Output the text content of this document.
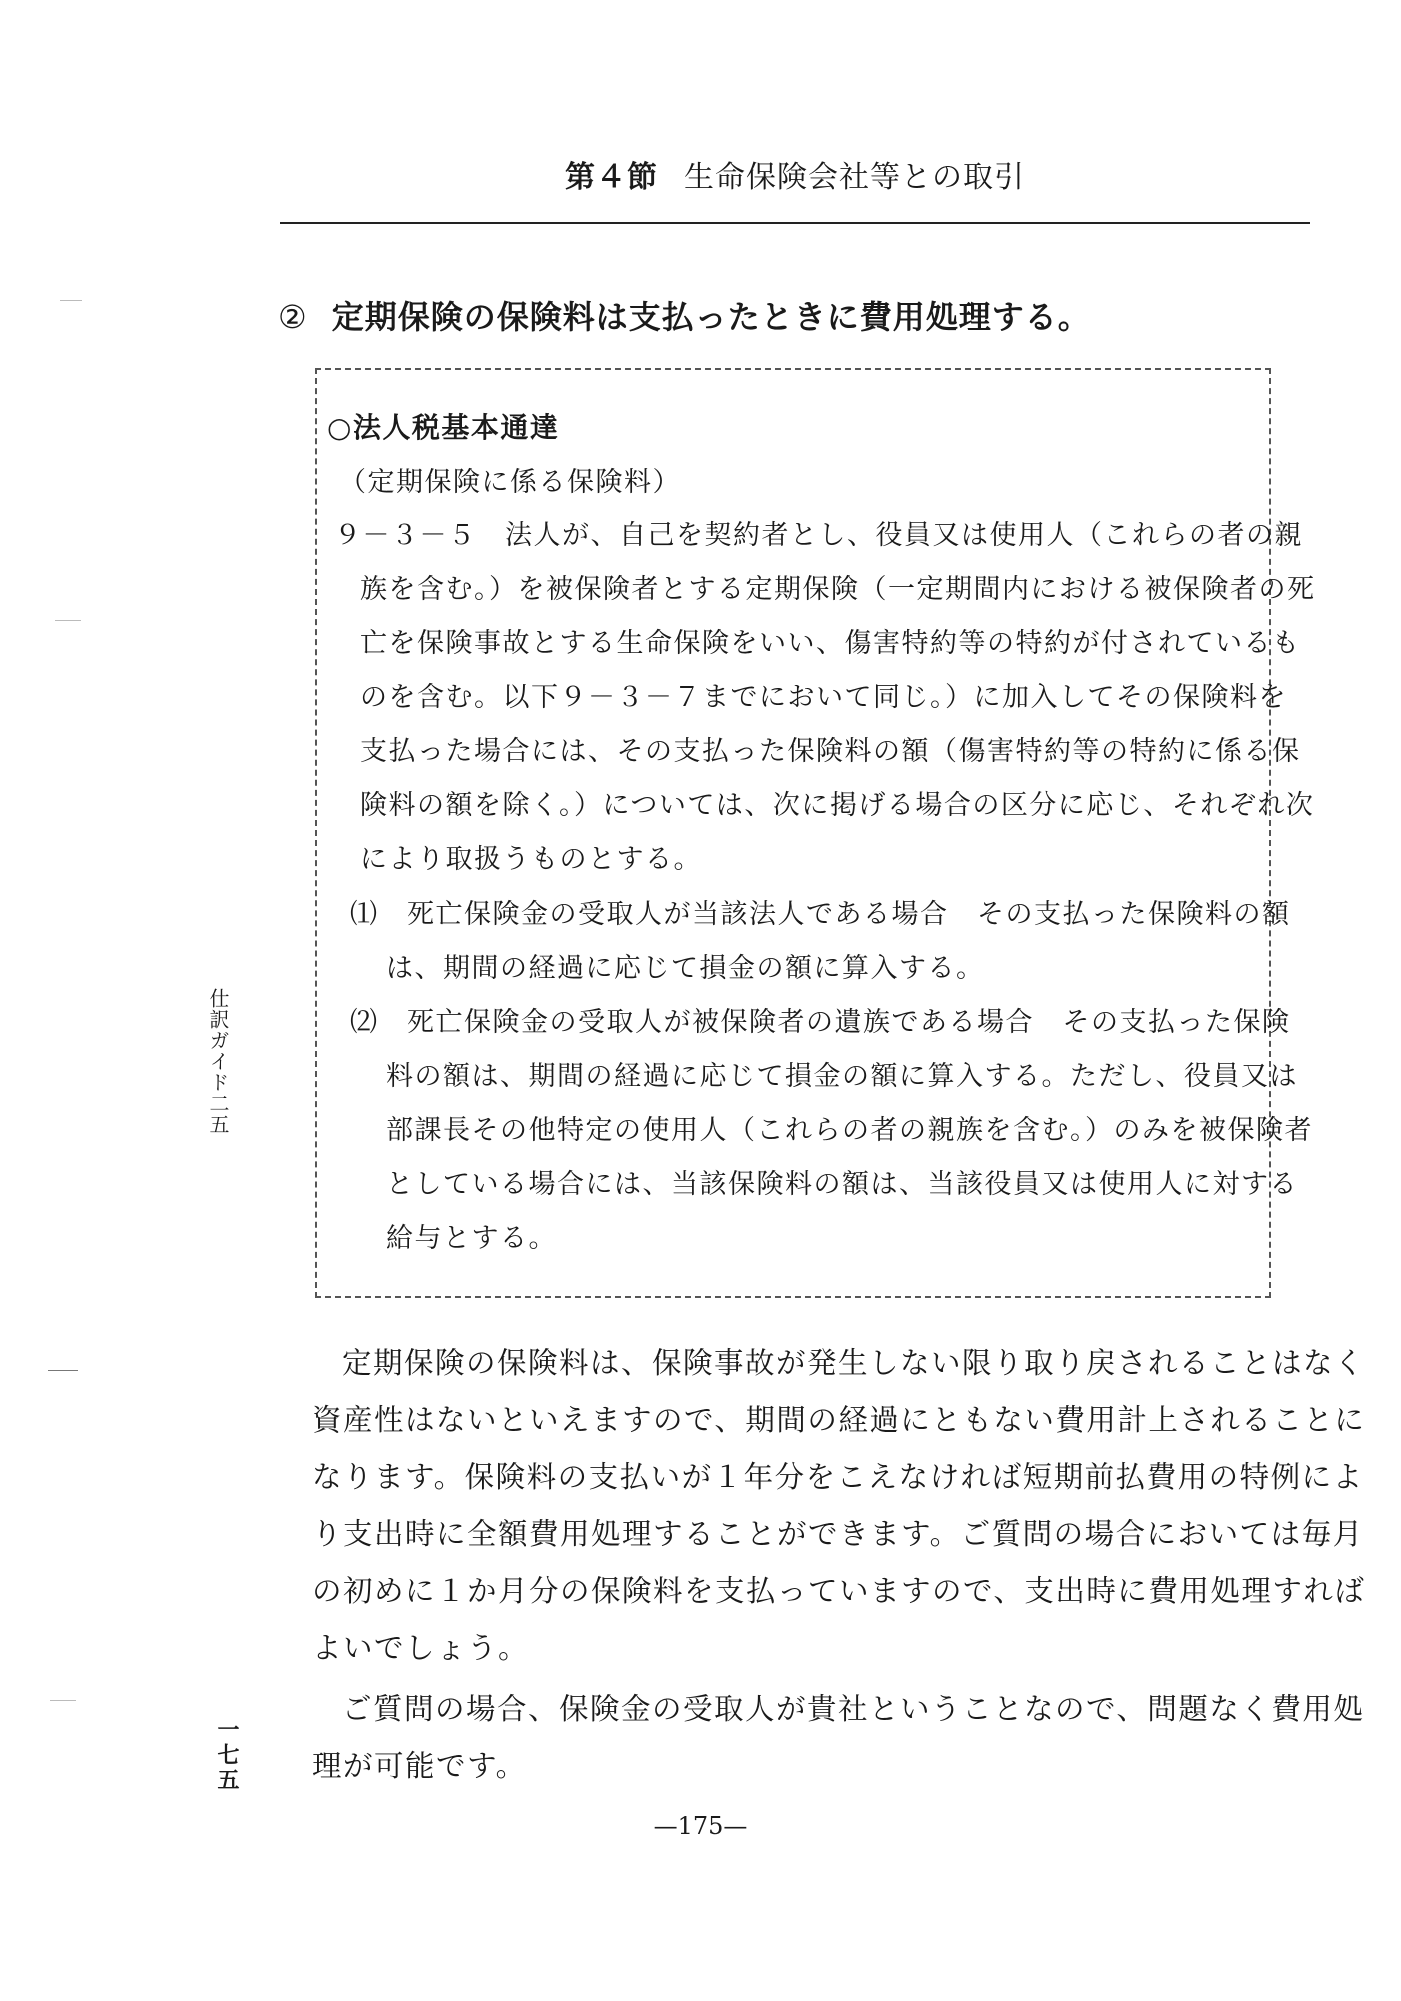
第４節 生命保険会社等との取引
② 定期保険の保険料は支払ったときに費用処理する。
○法人税基本通達
（定期保険に係る保険料）
９－３－５　法人が、自己を契約者とし、役員又は使用人（これらの者の親
族を含む。）を被保険者とする定期保険（一定期間内における被保険者の死
亡を保険事故とする生命保険をいい、傷害特約等の特約が付されているも
のを含む。以下９－３－７までにおいて同じ。）に加入してその保険料を
支払った場合には、その支払った保険料の額（傷害特約等の特約に係る保
険料の額を除く。）については、次に掲げる場合の区分に応じ、それぞれ次
により取扱うものとする。
⑴　死亡保険金の受取人が当該法人である場合　その支払った保険料の額
は、期間の経過に応じて損金の額に算入する。
⑵　死亡保険金の受取人が被保険者の遺族である場合　その支払った保険
料の額は、期間の経過に応じて損金の額に算入する。ただし、役員又は
部課長その他特定の使用人（これらの者の親族を含む。）のみを被保険者
としている場合には、当該保険料の額は、当該役員又は使用人に対する
給与とする。
定期保険の保険料は、保険事故が発生しない限り取り戻されることはなく
資産性はないといえますので、期間の経過にともない費用計上されることに
なります。保険料の支払いが１年分をこえなければ短期前払費用の特例によ
り支出時に全額費用処理することができます。ご質問の場合においては毎月
の初めに１か月分の保険料を支払っていますので、支出時に費用処理すれば
よいでしょう。
ご質問の場合、保険金の受取人が貴社ということなので、問題なく費用処
理が可能です。
仕訳ガイド二五
一七五
—175—
